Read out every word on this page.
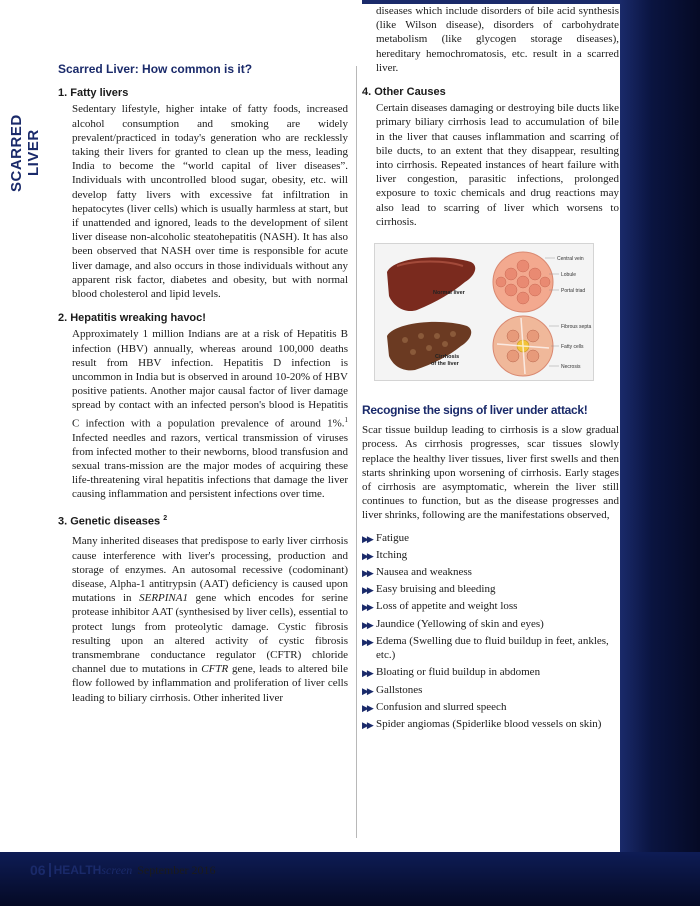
SCARRED LIVER
Scarred Liver: How common is it?
1. Fatty livers

Sedentary lifestyle, higher intake of fatty foods, increased alcohol consumption and smoking are widely prevalent/practiced in today's generation who are recklessly taking their livers for granted to clean up the mess, leading India to become the “world capital of liver diseases”. Individuals with uncontrolled blood sugar, obesity, etc. will develop fatty livers with excessive fat infiltration in hepatocytes (liver cells) which is usually harmless at start, but if unattended and ignored, leads to the development of silent liver disease non-alcoholic steatohepatitis (NASH). It has also been observed that NASH over time is responsible for acute liver damage, and also occurs in those individuals without any apparent risk factor, diabetes and obesity, but with normal blood cholesterol and lipid levels.

2. Hepatitis wreaking havoc!

Approximately 1 million Indians are at a risk of Hepatitis B infection (HBV) annually, whereas around 100,000 deaths result from HBV infection. Hepatitis D infection is uncommon in India but is observed in around 10-20% of HBV positive patients. Another major causal factor of liver damage spread by contact with an infected person's blood is Hepatitis C infection with a population prevalence of around 1%.$^1$ Infected needles and razors, vertical transmission of viruses from infected mother to their newborns, blood transfusion and sexual trans-mission are the major modes of acquiring these life-threatening viral hepatitis infections that damage the liver causing inflammation and persistent infections over time.

3. Genetic diseases $^2$

Many inherited diseases that predispose to early liver cirrhosis cause interference with liver's processing, production and storage of enzymes. An autosomal recessive (codominant) disease, Alpha-1 antitrypsin (AAT) deficiency is caused upon mutations in SERPINA1 gene which encodes for serine protease inhibitor AAT (synthesised by liver cells), essential to protect lungs from proteolytic damage. Cystic fibrosis resulting upon an altered activity of cystic fibrosis transmembrane conductance regulator (CFTR) chloride channel due to mutations in CFTR gene, leads to altered bile flow followed by inflammation and proliferation of liver cells leading to biliary cirrhosis. Other inherited liver

diseases which include disorders of bile acid synthesis (like Wilson disease), disorders of carbohydrate metabolism (like glycogen storage diseases), hereditary hemochromatosis, etc. result in a scarred liver.

4. Other Causes

Certain diseases damaging or destroying bile ducts like primary biliary cirrhosis lead to accumulation of bile in the liver that causes inflammation and scarring of bile ducts, to an extent that they disappear, resulting into cirrhosis. Repeated instances of heart failure with liver congestion, parasitic infections, prolonged exposure to toxic chemicals and drug reactions may also lead to scarring of liver which worsens to cirrhosis.

Normal liver
Central vein
Lobule
Portal triad
Cirrhosis
of the liver
Fibrous septa
Fatty cells
Necrosis
Recognise the signs of liver under attack!

Scar tissue buildup leading to cirrhosis is a slow gradual process. As cirrhosis progresses, scar tissues slowly replace the healthy liver tissues, liver first swells and then starts shrinking upon worsening of cirrhosis. Early stages of cirrhosis are asymptomatic, wherein the liver still continues to function, but as the disease progresses and liver shrinks, following are the manifestations observed,

▶▶ Fatigue
▶▶ Itching
▶▶ Nausea and weakness
▶▶ Easy bruising and bleeding
▶▶ Loss of appetite and weight loss
▶▶ Jaundice (Yellowing of skin and eyes)
▶▶ Edema (Swelling due to fluid buildup in feet, ankles, etc.)
▶▶ Bloating or fluid buildup in abdomen
▶▶ Gallstones
▶▶ Confusion and slurred speech
▶▶ Spider angiomas (Spiderlike blood vessels on skin)
06 HEALTH screen September 2016
